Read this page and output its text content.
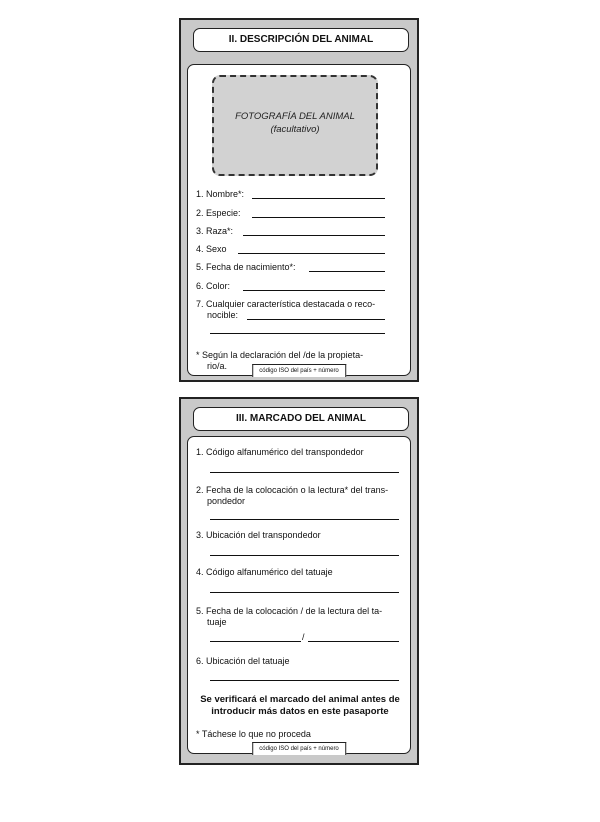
II. DESCRIPCIÓN DEL ANIMAL
FOTOGRAFÍA DEL ANIMAL
(facultativo)
1. Nombre*:
2. Especie:
3. Raza*:
4. Sexo
5. Fecha de nacimiento*:
6. Color:
7. Cualquier característica destacada o reco-
nocible:
* Según la declaración del /de la propieta-
rio/a.	código ISO del país + número
III. MARCADO DEL ANIMAL
1. Código alfanumérico del transpondedor
2. Fecha de la colocación o la lectura* del trans-
pondedor
3. Ubicación del transpondedor
4. Código alfanumérico del tatuaje
5. Fecha de la colocación / de la lectura del ta-
tuaje
/
6. Ubicación del tatuaje
Se verificará el marcado del animal antes de
introducir más datos en este pasaporte
* Táchese lo que no proceda
código ISO del país + número
